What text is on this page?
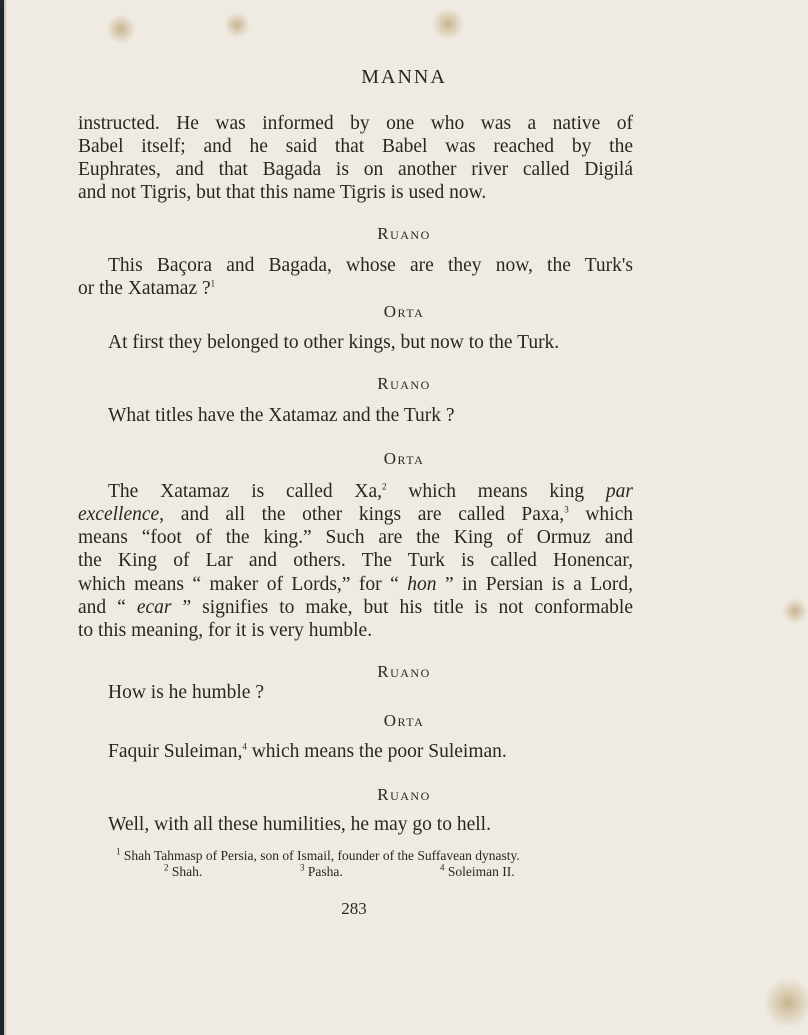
MANNA
instructed. He was informed by one who was a native of
Babel itself; and he said that Babel was reached by the
Euphrates, and that Bagada is on another river called Digilá
and not Tigris, but that this name Tigris is used now.
Ruano
This Baçora and Bagada, whose are they now, the Turk's
or the Xatamaz ?$^1$
Orta
At first they belonged to other kings, but now to the Turk.
Ruano
What titles have the Xatamaz and the Turk ?
Orta
The Xatamaz is called Xa,$^2$ which means king par
excellence, and all the other kings are called Paxa,$^3$ which
means “foot of the king.” Such are the King of Ormuz and
the King of Lar and others. The Turk is called Honencar,
which means “ maker of Lords,” for “ hon ” in Persian is a Lord,
and “ ecar ” signifies to make, but his title is not conformable
to this meaning, for it is very humble.
Ruano
How is he humble ?
Orta
Faquir Suleiman,$^4$ which means the poor Suleiman.
Ruano
Well, with all these humilities, he may go to hell.
$^1$ Shah Tahmasp of Persia, son of Ismail, founder of the Suffavean dynasty.
$^2$ Shah.	$^3$ Pasha.	$^4$ Soleiman II.
283
